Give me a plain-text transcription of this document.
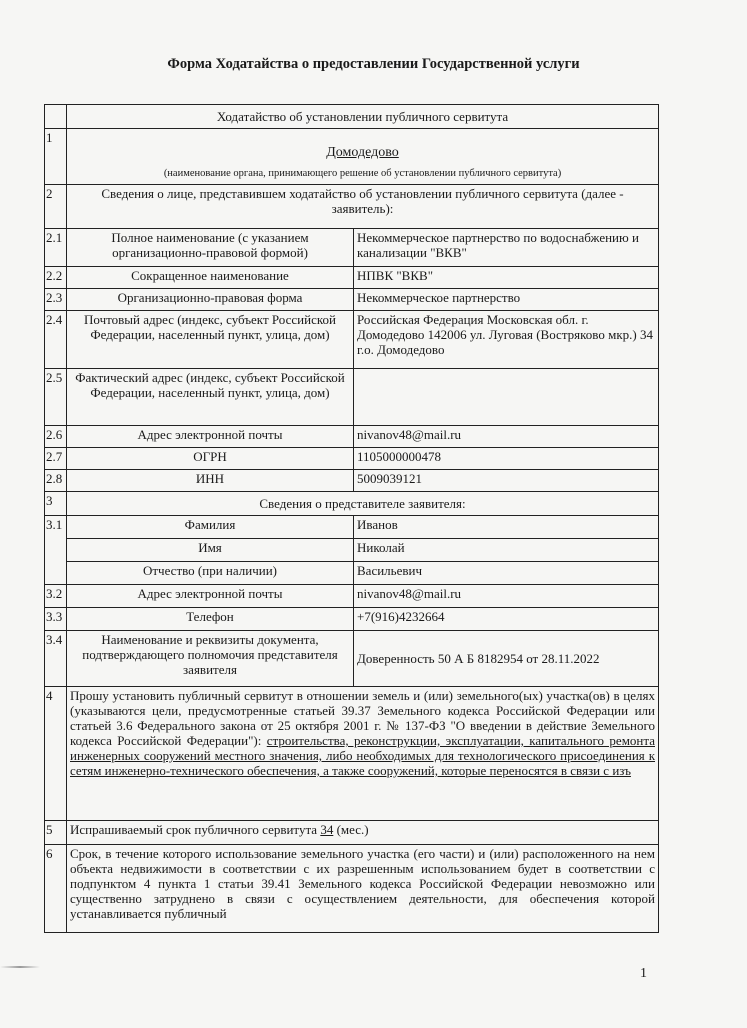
Форма Ходатайства о предоставлении Государственной услуги
	Ходатайство об установлении публичного сервитута	
1	Домодедово
(наименование органа, принимающего решение об установлении публичного сервитута)	

2	Сведения о лице, представившем ходатайство об установлении публичного сервитута (далее - заявитель):	
2.1	Полное наименование (с указанием организационно-правовой формой)	Некоммерческое партнерство по водоснабжению и канализации "ВКВ"
2.2	Сокращенное наименование	НПВК "ВКВ"
2.3	Организационно-правовая форма	Некоммерческое партнерство
2.4	Почтовый адрес (индекс, субъект Российской Федерации, населенный пункт, улица, дом)	Российская Федерация Московская обл. г. Домодедово 142006 ул. Луговая (Востряково мкр.) 34 г.о. Домодедово
2.5	Фактический адрес (индекс, субъект Российской Федерации, населенный пункт, улица, дом)	
2.6	Адрес электронной почты	nivanov48@mail.ru
2.7	ОГРН	1105000000478
2.8	ИНН	5009039121
3	Сведения о представителе заявителя:	
3.1	Фамилия	Иванов
	Имя	Николай
	Отчество (при наличии)	Васильевич
3.2	Адрес электронной почты	nivanov48@mail.ru
3.3	Телефон	+7(916)4232664
3.4	Наименование и реквизиты документа, подтверждающего полномочия представителя заявителя	Доверенность 50 А Б 8182954 от 28.11.2022
4	Прошу установить публичный сервитут в отношении земель и (или) земельного(ых) участка(ов) в целях (указываются цели, предусмотренные статьей 39.37 Земельного кодекса Российской Федерации или статьей 3.6 Федерального закона от 25 октября 2001 г. № 137-ФЗ "О введении в действие Земельного кодекса Российской Федерации"): строительства, реконструкции, эксплуатации, капитального ремонта инженерных сооружений местного значения, либо необходимых для технологического присоединения к сетям инженерно-технического обеспечения, а также сооружений, которые переносятся в связи с изъ	
5	Испрашиваемый срок публичного сервитута 34 (мес.)	
6	Срок, в течение которого использование земельного участка (его части) и (или) расположенного на нем объекта недвижимости в соответствии с их разрешенным использованием будет в соответствии с подпунктом 4 пункта 1 статьи 39.41 Земельного кодекса Российской Федерации невозможно или существенно затруднено в связи с осуществлением деятельности, для обеспечения которой устанавливается публичный	
1
